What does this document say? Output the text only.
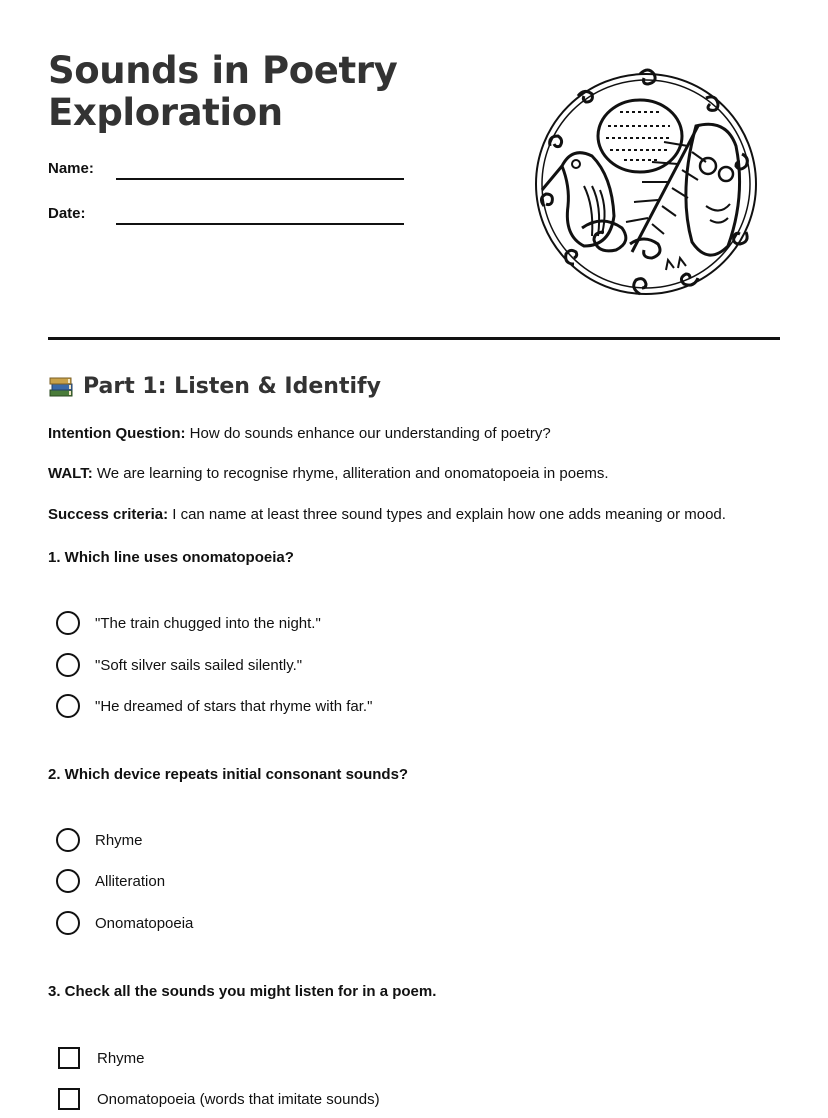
Sounds in Poetry
Exploration
Name:
Date:
Part 1: Listen & Identify

Intention Question: How do sounds enhance our understanding of poetry?

WALT: We are learning to recognise rhyme, alliteration and onomatopoeia in poems.

Success criteria: I can name at least three sound types and explain how one adds meaning or mood.

1. Which line uses onomatopoeia?

"The train chugged into the night."
"Soft silver sails sailed silently."
"He dreamed of stars that rhyme with far."

2. Which device repeats initial consonant sounds?

Rhyme
Alliteration
Onomatopoeia

3. Check all the sounds you might listen for in a poem.

Rhyme
Onomatopoeia (words that imitate sounds)
